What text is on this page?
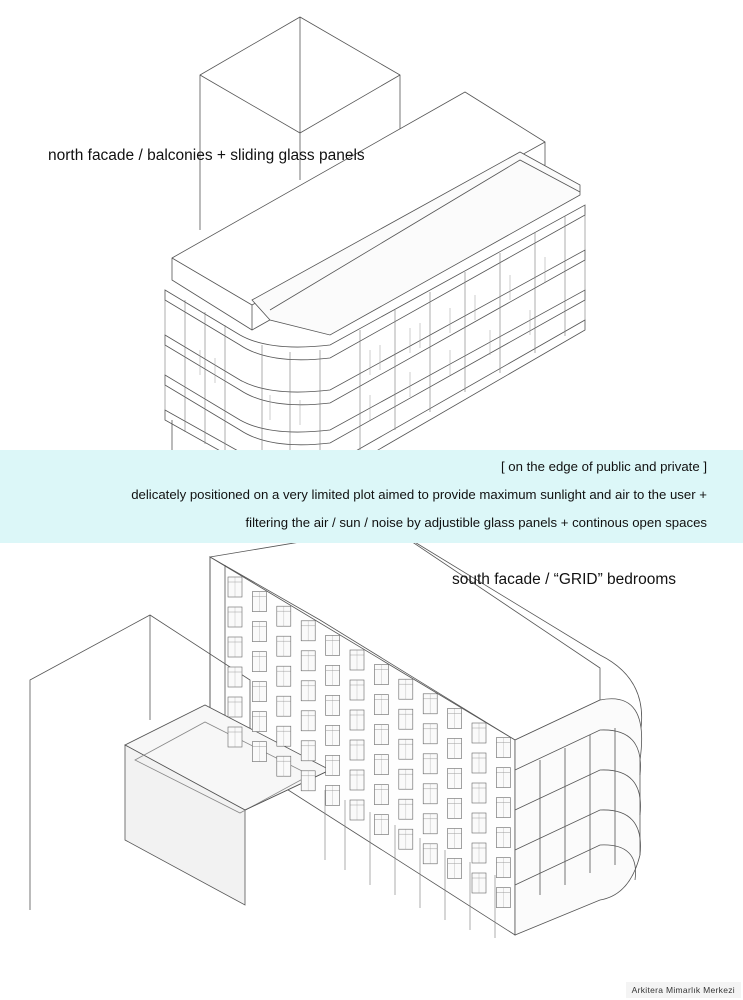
north facade / balconies + sliding glass panels
[ on the edge of public and private ]
delicately positioned on a very limited plot aimed to provide maximum sunlight and air to the user +
filtering the air / sun / noise by adjustible glass panels + continous open spaces
south facade / “GRID” bedrooms
Arkitera Mimarlık Merkezi
